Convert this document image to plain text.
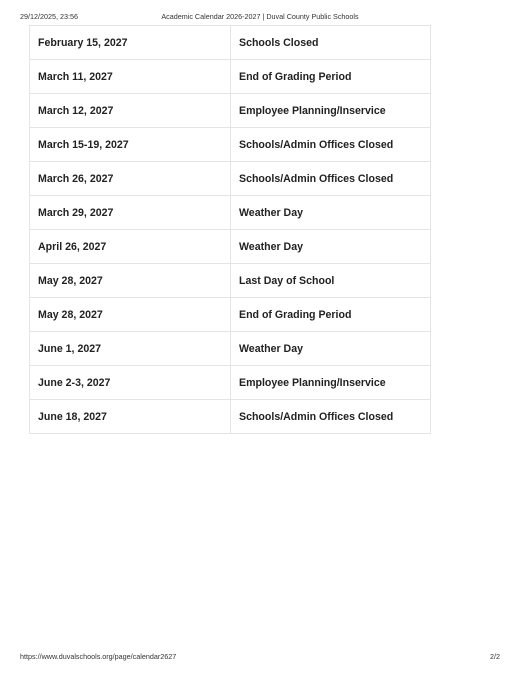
29/12/2025, 23:56	Academic Calendar 2026-2027 | Duval County Public Schools
February 15, 2027	Schools Closed
March 11, 2027	End of Grading Period
March 12, 2027	Employee Planning/Inservice
March 15-19, 2027	Schools/Admin Offices Closed
March 26, 2027	Schools/Admin Offices Closed
March 29, 2027	Weather Day
April 26, 2027	Weather Day
May 28, 2027	Last Day of School
May 28, 2027	End of Grading Period
June 1, 2027	Weather Day
June 2-3, 2027	Employee Planning/Inservice
June 18, 2027	Schools/Admin Offices Closed
https://www.duvalschools.org/page/calendar2627	2/2
